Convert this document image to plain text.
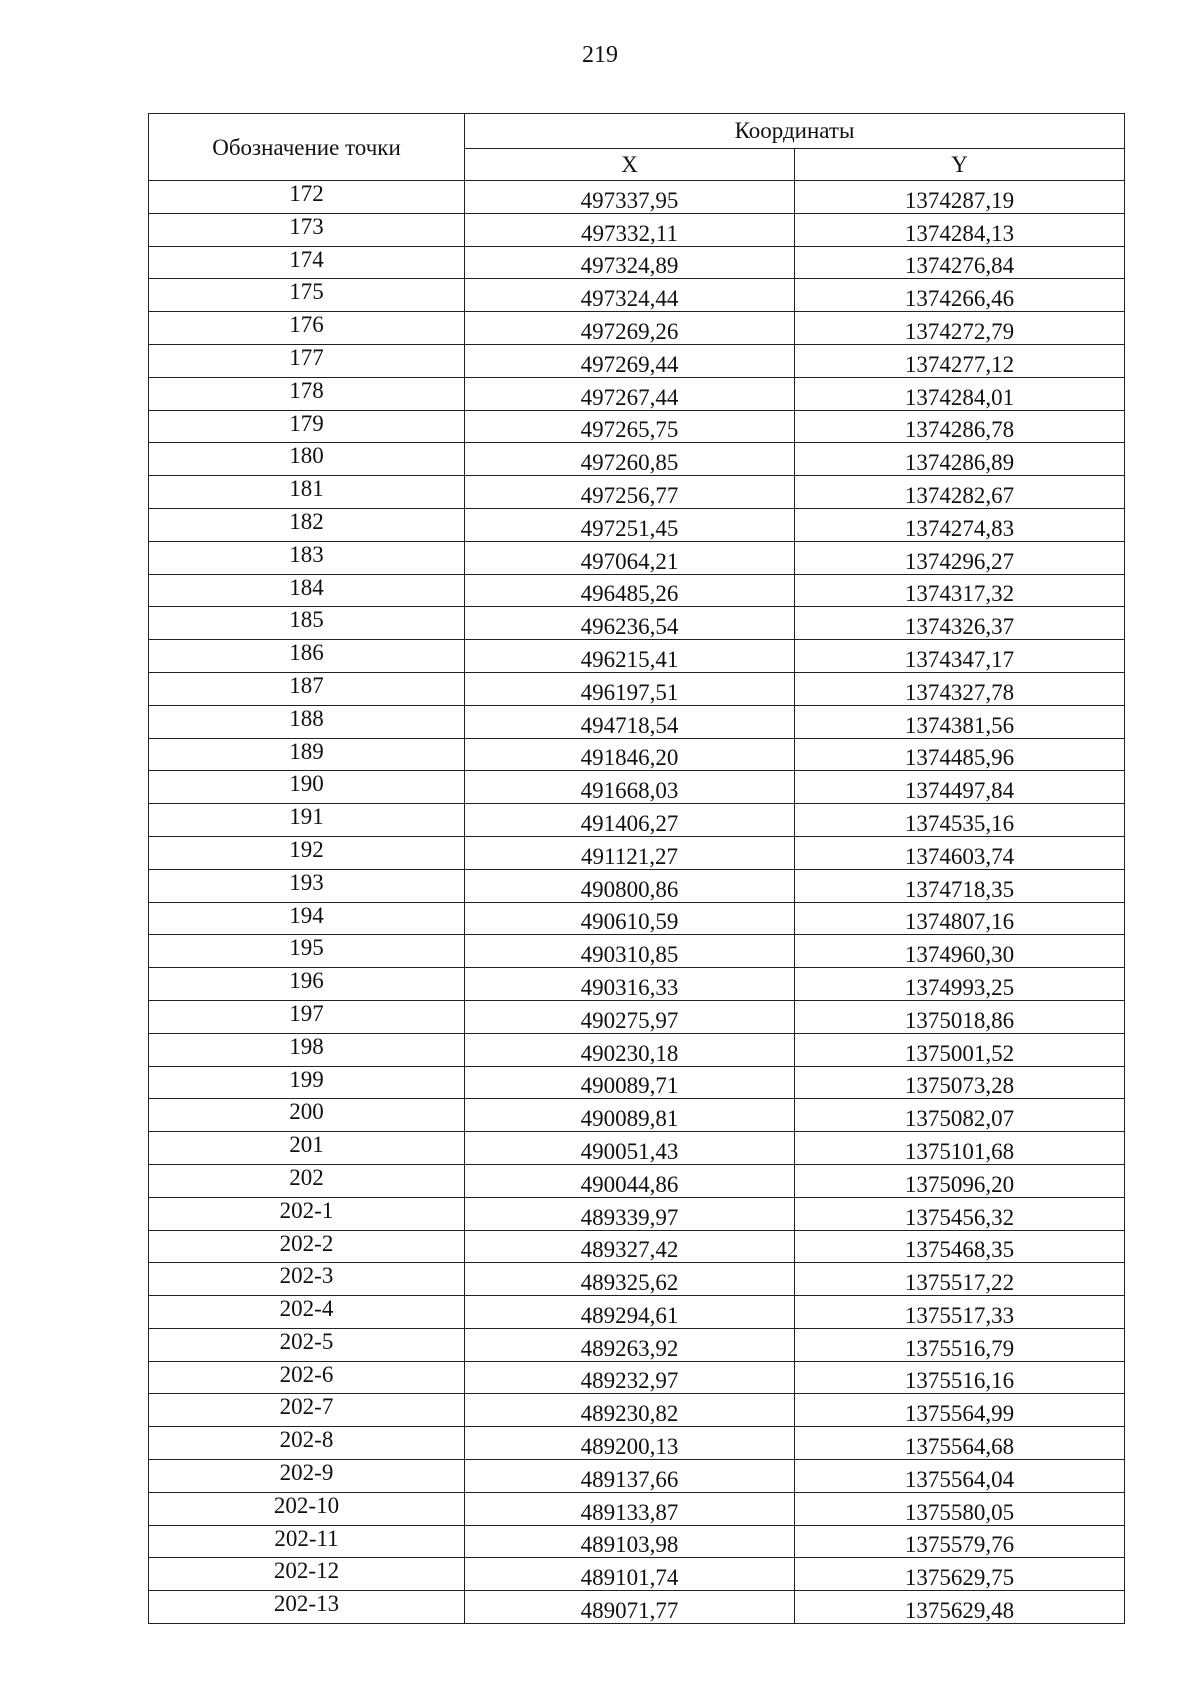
219
Обозначение точки	Координаты	
	X	Y
172	497337,95	1374287,19
173	497332,11	1374284,13
174	497324,89	1374276,84
175	497324,44	1374266,46
176	497269,26	1374272,79
177	497269,44	1374277,12
178	497267,44	1374284,01
179	497265,75	1374286,78
180	497260,85	1374286,89
181	497256,77	1374282,67
182	497251,45	1374274,83
183	497064,21	1374296,27
184	496485,26	1374317,32
185	496236,54	1374326,37
186	496215,41	1374347,17
187	496197,51	1374327,78
188	494718,54	1374381,56
189	491846,20	1374485,96
190	491668,03	1374497,84
191	491406,27	1374535,16
192	491121,27	1374603,74
193	490800,86	1374718,35
194	490610,59	1374807,16
195	490310,85	1374960,30
196	490316,33	1374993,25
197	490275,97	1375018,86
198	490230,18	1375001,52
199	490089,71	1375073,28
200	490089,81	1375082,07
201	490051,43	1375101,68
202	490044,86	1375096,20
202-1	489339,97	1375456,32
202-2	489327,42	1375468,35
202-3	489325,62	1375517,22
202-4	489294,61	1375517,33
202-5	489263,92	1375516,79
202-6	489232,97	1375516,16
202-7	489230,82	1375564,99
202-8	489200,13	1375564,68
202-9	489137,66	1375564,04
202-10	489133,87	1375580,05
202-11	489103,98	1375579,76
202-12	489101,74	1375629,75
202-13	489071,77	1375629,48
